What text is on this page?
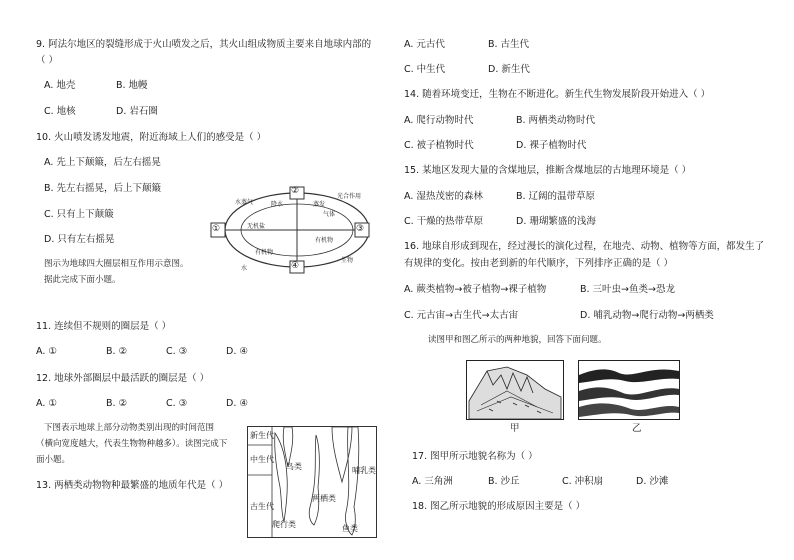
9. 阿法尔地区的裂缝形成于火山喷发之后，其火山组成物质主要来自地球内部的
（ ）
A. 地壳	B. 地幔
C. 地核	D. 岩石圈
10. 火山喷发诱发地震，附近海域上人们的感受是（ ）
A. 先上下颠簸，后左右摇晃
B. 先左右摇晃，后上下颠簸
C. 只有上下颠簸
D. 只有左右摇晃
①
②
③
④
水蒸气	降水
无机盐
有机物
水
蒸发
气体
有机物
生物
光合作用
图示为地球四大圈层相互作用示意图。
据此完成下面小题。
11. 连续但不规则的圈层是（ ）
A. ①	B. ②	C. ③	D. ④
12. 地球外部圈层中最活跃的圈层是（ ）
A. ①	B. ②	C. ③	D. ④
下图表示地球上部分动物类别出现的时间范围
（横向宽度越大，代表生物物种越多）。读图完成下
面小题。
13. 两栖类动物物种最繁盛的地质年代是（ ）
新生代
中生代
古生代
鸟类
爬行类
两栖类
哺乳类
鱼类
A. 元古代	B. 古生代
C. 中生代	D. 新生代
14. 随着环境变迁，生物在不断进化。新生代生物发展阶段开始进入（ ）
A. 爬行动物时代	B. 两栖类动物时代
C. 被子植物时代	D. 裸子植物时代
15. 某地区发现大量的含煤地层，推断含煤地层的古地理环境是（ ）
A. 湿热茂密的森林	B. 辽阔的温带草原
C. 干燥的热带草原	D. 珊瑚繁盛的浅海
16. 地球自形成到现在，经过漫长的演化过程，在地壳、动物、植物等方面，都发生了
有规律的变化。按由老到新的年代顺序，下列排序正确的是（ ）
A. 蕨类植物→被子植物→裸子植物	B. 三叶虫→鱼类→恐龙
C. 元古宙→古生代→太古宙	D. 哺乳动物→爬行动物→两栖类
读图甲和图乙所示的两种地貌，回答下面问题。
甲	乙
17. 图甲所示地貌名称为（ ）
A. 三角洲	B. 沙丘	C. 冲积扇	D. 沙滩
18. 图乙所示地貌的形成原因主要是（ ）
